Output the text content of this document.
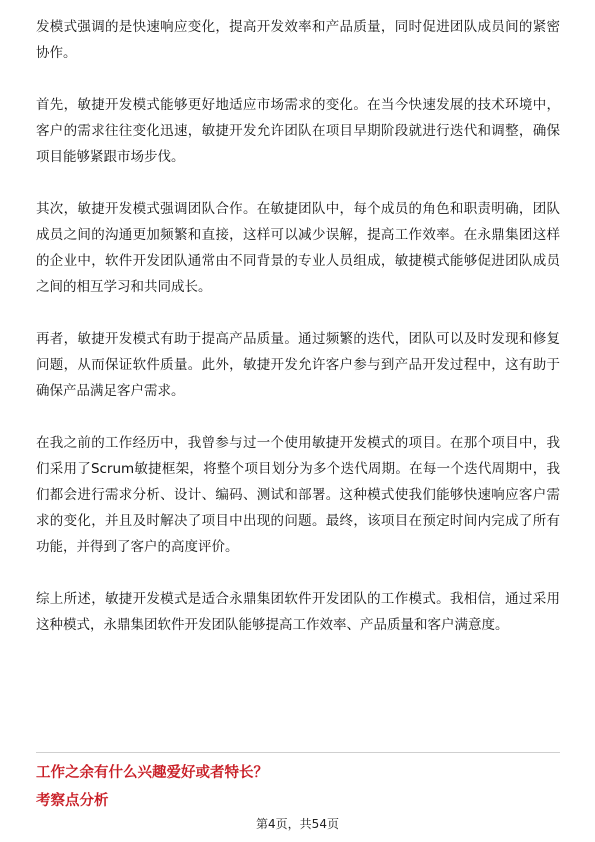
发模式强调的是快速响应变化，提高开发效率和产品质量，同时促进团队成员间的紧密协作。

首先，敏捷开发模式能够更好地适应市场需求的变化。在当今快速发展的技术环境中，客户的需求往往变化迅速，敏捷开发允许团队在项目早期阶段就进行迭代和调整，确保项目能够紧跟市场步伐。

其次，敏捷开发模式强调团队合作。在敏捷团队中，每个成员的角色和职责明确，团队成员之间的沟通更加频繁和直接，这样可以减少误解，提高工作效率。在永鼎集团这样的企业中，软件开发团队通常由不同背景的专业人员组成，敏捷模式能够促进团队成员之间的相互学习和共同成长。

再者，敏捷开发模式有助于提高产品质量。通过频繁的迭代，团队可以及时发现和修复问题，从而保证软件质量。此外，敏捷开发允许客户参与到产品开发过程中，这有助于确保产品满足客户需求。

在我之前的工作经历中，我曾参与过一个使用敏捷开发模式的项目。在那个项目中，我们采用了Scrum敏捷框架，将整个项目划分为多个迭代周期。在每一个迭代周期中，我们都会进行需求分析、设计、编码、测试和部署。这种模式使我们能够快速响应客户需求的变化，并且及时解决了项目中出现的问题。最终，该项目在预定时间内完成了所有功能，并得到了客户的高度评价。

综上所述，敏捷开发模式是适合永鼎集团软件开发团队的工作模式。我相信，通过采用这种模式，永鼎集团软件开发团队能够提高工作效率、产品质量和客户满意度。

工作之余有什么兴趣爱好或者特长？

考察点分析

第4页，共54页
